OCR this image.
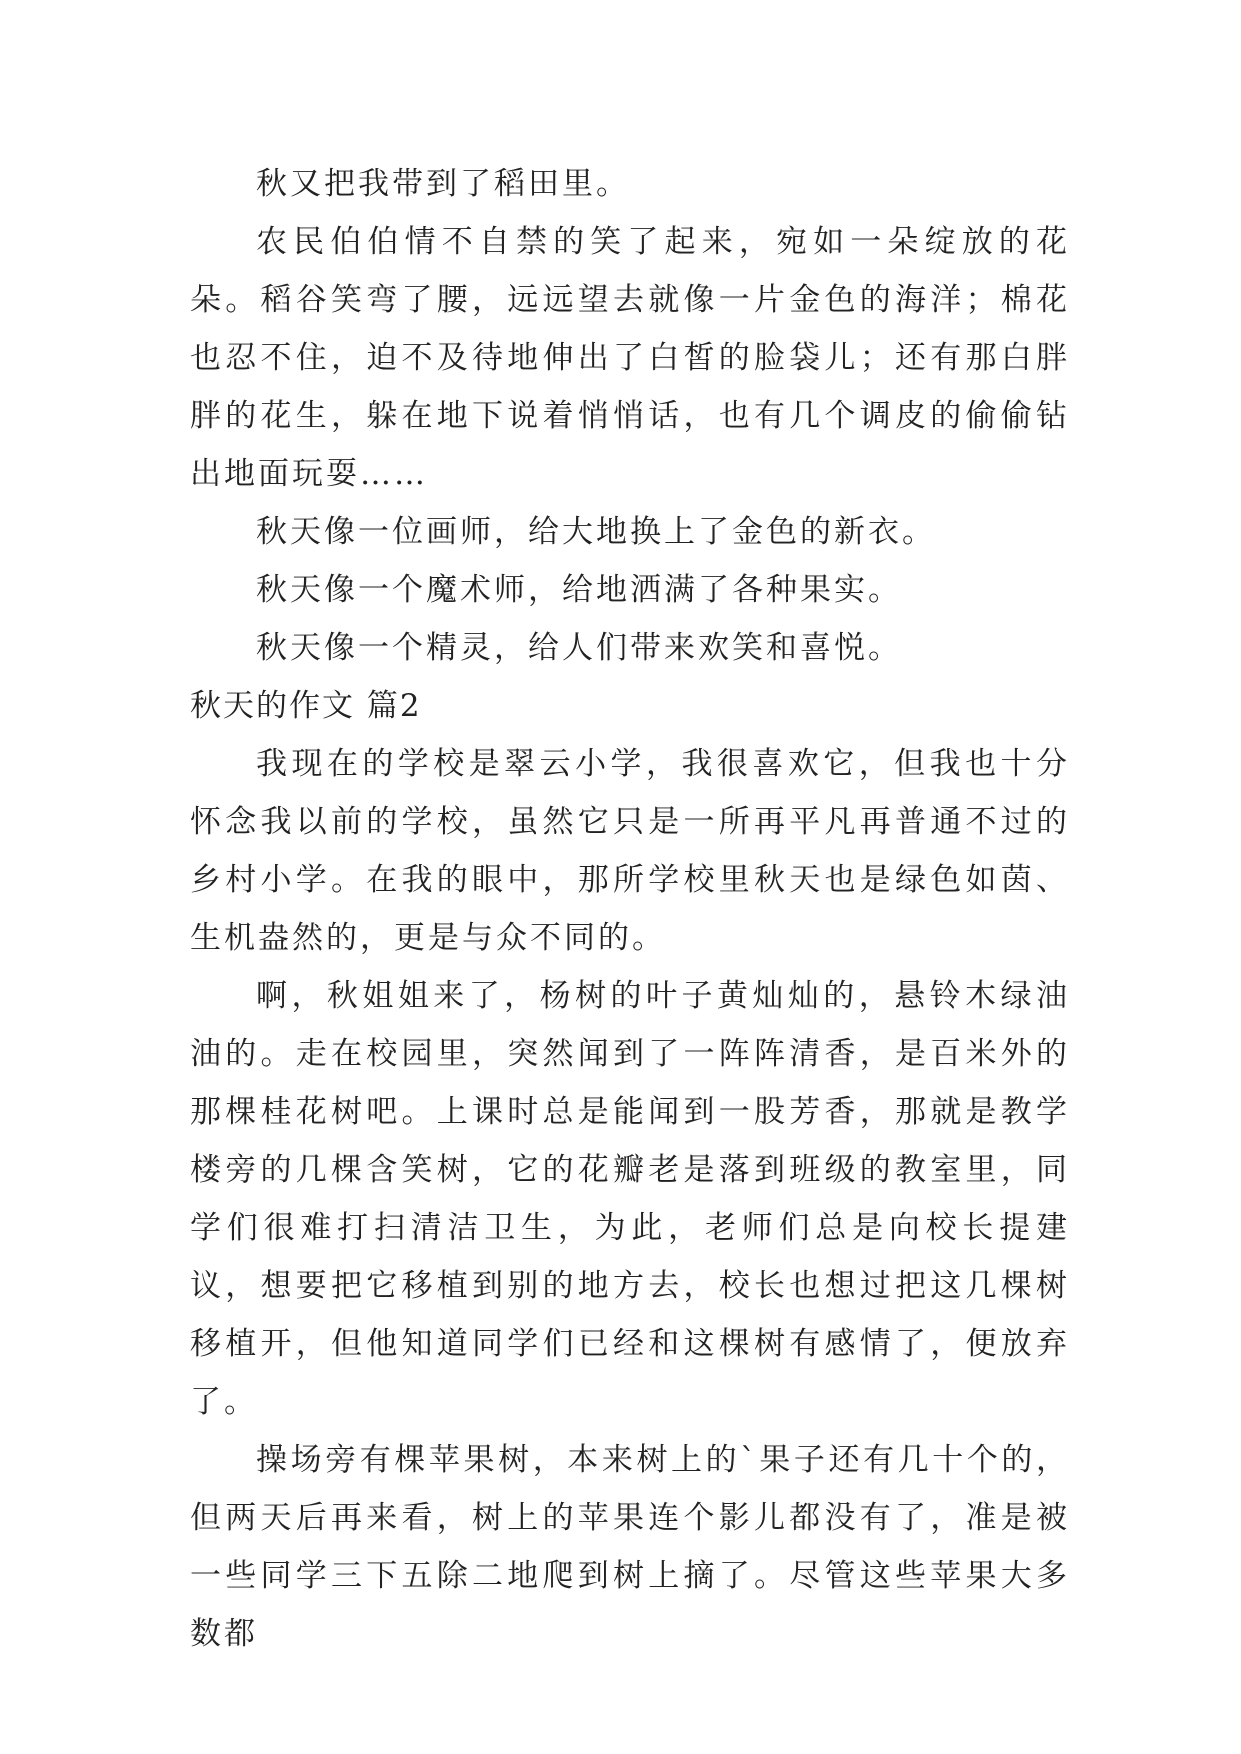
秋又把我带到了稻田里。

农民伯伯情不自禁的笑了起来，宛如一朵绽放的花朵。稻谷笑弯了腰，远远望去就像一片金色的海洋；棉花也忍不住，迫不及待地伸出了白皙的脸袋儿；还有那白胖胖的花生，躲在地下说着悄悄话，也有几个调皮的偷偷钻出地面玩耍……

秋天像一位画师，给大地换上了金色的新衣。

秋天像一个魔术师，给地洒满了各种果实。

秋天像一个精灵，给人们带来欢笑和喜悦。

秋天的作文 篇2

我现在的学校是翠云小学，我很喜欢它，但我也十分怀念我以前的学校，虽然它只是一所再平凡再普通不过的乡村小学。在我的眼中，那所学校里秋天也是绿色如茵、生机盎然的，更是与众不同的。

啊，秋姐姐来了，杨树的叶子黄灿灿的，悬铃木绿油油的。走在校园里，突然闻到了一阵阵清香，是百米外的那棵桂花树吧。上课时总是能闻到一股芳香，那就是教学楼旁的几棵含笑树，它的花瓣老是落到班级的教室里，同学们很难打扫清洁卫生，为此，老师们总是向校长提建议，想要把它移植到别的地方去，校长也想过把这几棵树移植开，但他知道同学们已经和这棵树有感情了，便放弃了。

操场旁有棵苹果树，本来树上的`果子还有几十个的，但两天后再来看，树上的苹果连个影儿都没有了，准是被一些同学三下五除二地爬到树上摘了。尽管这些苹果大多数都
